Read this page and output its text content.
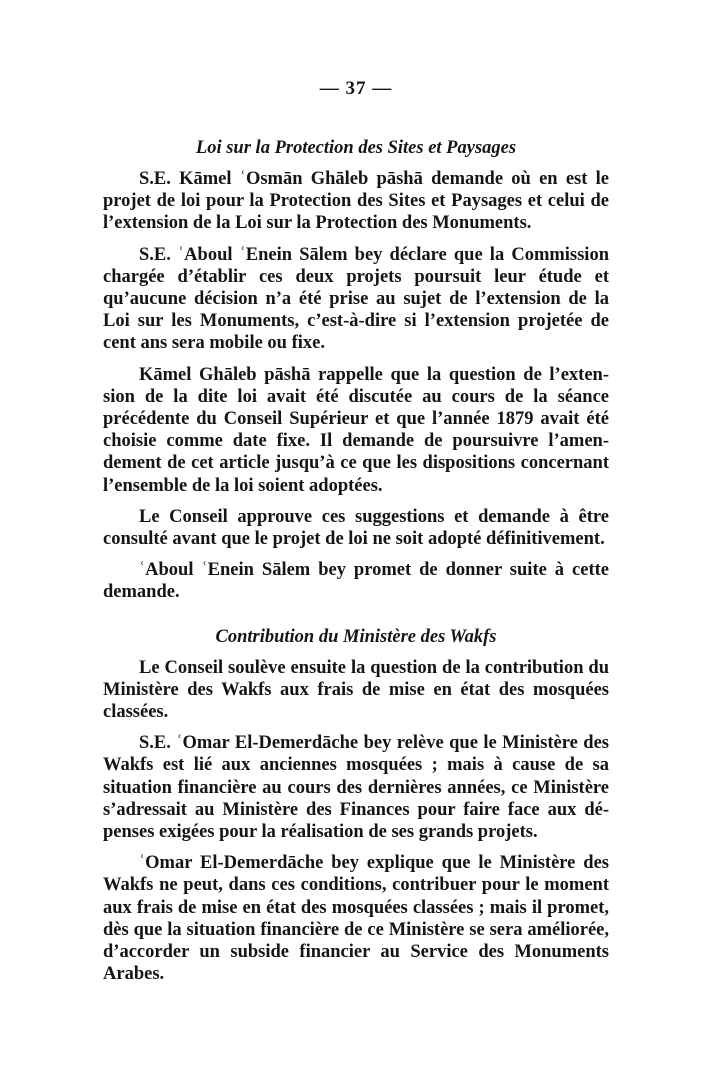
— 37 —
Loi sur la Protection des Sites et Paysages

S.E. Kāmel ʿOsmān Ghāleb pāshā demande où en est le projet de loi pour la Protection des Sites et Paysages et celui de l’extension de la Loi sur la Protection des Monuments.

S.E. ʿAboul ʿEnein Sālem bey déclare que la Commission chargée d’établir ces deux projets poursuit leur étude et qu’aucune décision n’a été prise au sujet de l’extension de la Loi sur les Monuments, c’est-à-dire si l’extension projetée de cent ans sera mobile ou fixe.

Kāmel Ghāleb pāshā rappelle que la question de l’extension de la dite loi avait été discutée au cours de la séance précédente du Conseil Supérieur et que l’année 1879 avait été choisie comme date fixe. Il demande de poursuivre l’amendement de cet article jusqu’à ce que les dispositions concernant l’ensemble de la loi soient adoptées.

Le Conseil approuve ces suggestions et demande à être consulté avant que le projet de loi ne soit adopté définitivement.

ʿAboul ʿEnein Sālem bey promet de donner suite à cette demande.

Contribution du Ministère des Wakfs

Le Conseil soulève ensuite la question de la contribution du Ministère des Wakfs aux frais de mise en état des mosquées classées.

S.E. ʿOmar El-Demerdāche bey relève que le Ministère des Wakfs est lié aux anciennes mosquées ; mais à cause de sa situation financière au cours des dernières années, ce Ministère s’adressait au Ministère des Finances pour faire face aux dépenses exigées pour la réalisation de ses grands projets.

ʿOmar El-Demerdāche bey explique que le Ministère des Wakfs ne peut, dans ces conditions, contribuer pour le moment aux frais de mise en état des mosquées classées ; mais il promet, dès que la situation financière de ce Ministère se sera améliorée, d’accorder un subside financier au Service des Monuments Arabes.
